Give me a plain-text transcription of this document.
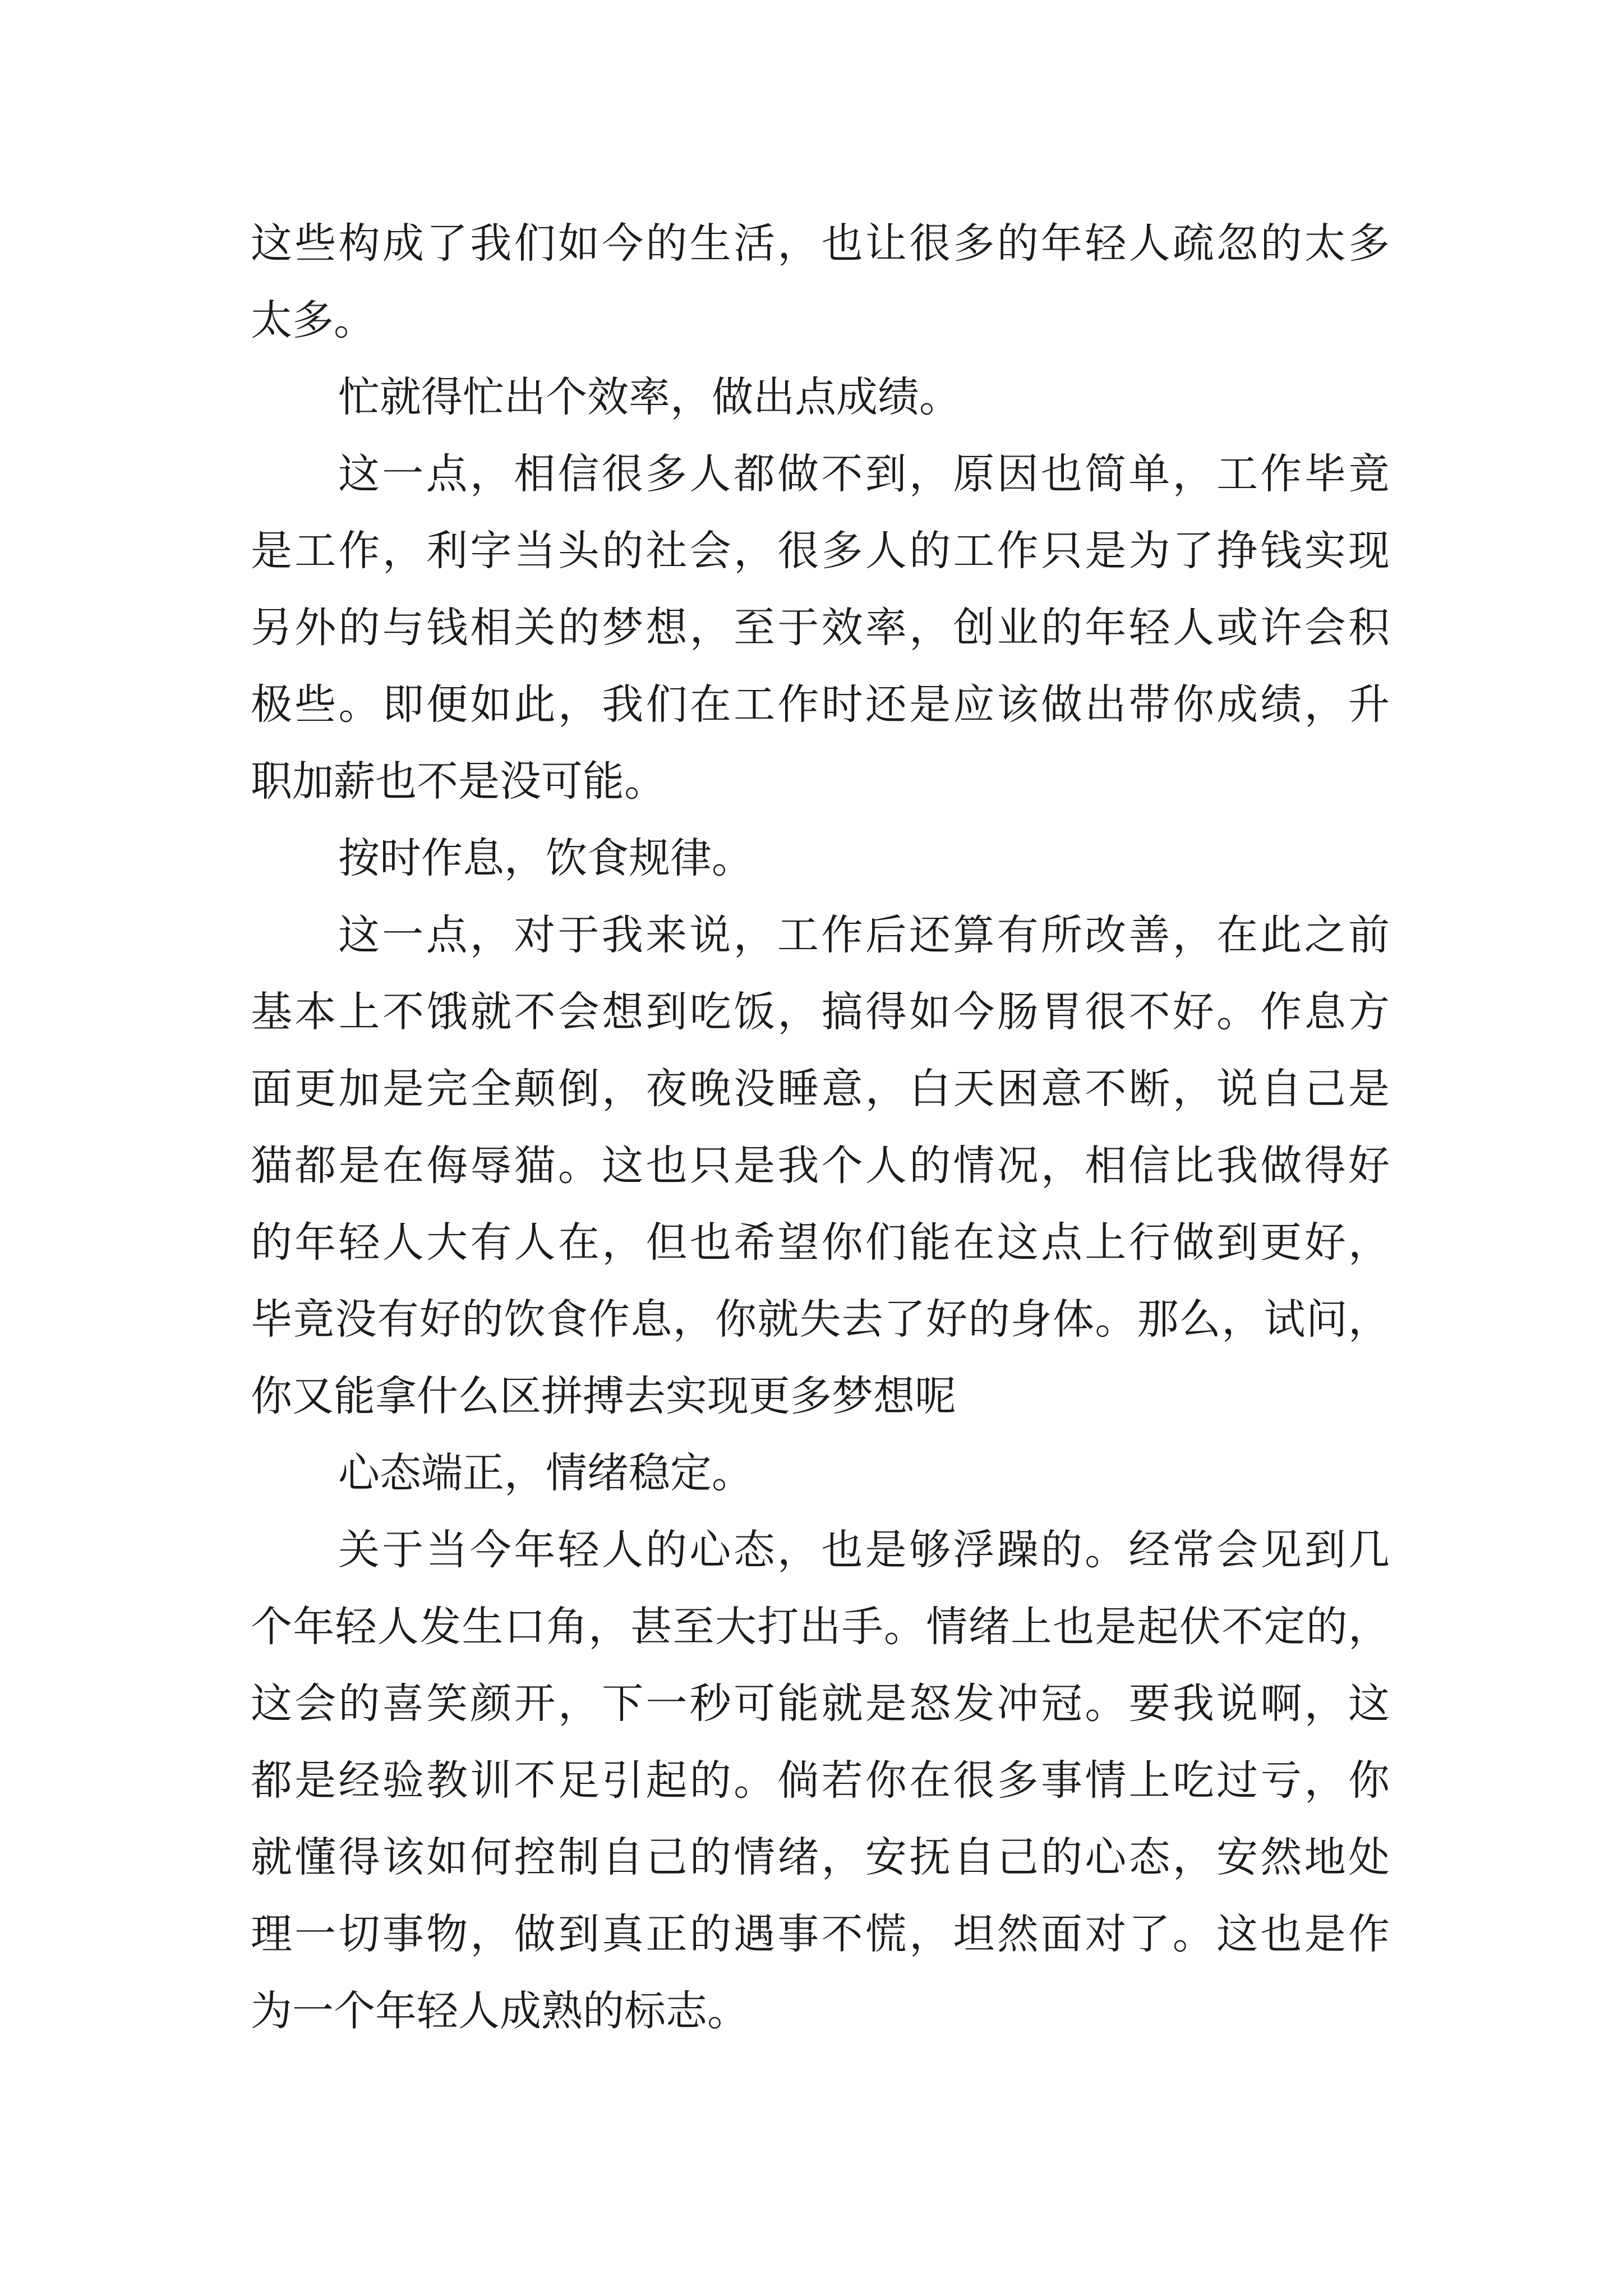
这些构成了我们如今的生活，也让很多的年轻人疏忽的太多
太多。
忙就得忙出个效率，做出点成绩。
这一点，相信很多人都做不到，原因也简单，工作毕竟
是工作，利字当头的社会，很多人的工作只是为了挣钱实现
另外的与钱相关的梦想，至于效率，创业的年轻人或许会积
极些。即便如此，我们在工作时还是应该做出带你成绩，升
职加薪也不是没可能。
按时作息，饮食规律。
这一点，对于我来说，工作后还算有所改善，在此之前
基本上不饿就不会想到吃饭，搞得如今肠胃很不好。作息方
面更加是完全颠倒，夜晚没睡意，白天困意不断，说自己是
猫都是在侮辱猫。这也只是我个人的情况，相信比我做得好
的年轻人大有人在，但也希望你们能在这点上行做到更好，
毕竟没有好的饮食作息，你就失去了好的身体。那么，试问，
你又能拿什么区拼搏去实现更多梦想呢
心态端正，情绪稳定。
关于当今年轻人的心态，也是够浮躁的。经常会见到几
个年轻人发生口角，甚至大打出手。情绪上也是起伏不定的，
这会的喜笑颜开，下一秒可能就是怒发冲冠。要我说啊，这
都是经验教训不足引起的。倘若你在很多事情上吃过亏，你
就懂得该如何控制自己的情绪，安抚自己的心态，安然地处
理一切事物，做到真正的遇事不慌，坦然面对了。这也是作
为一个年轻人成熟的标志。
